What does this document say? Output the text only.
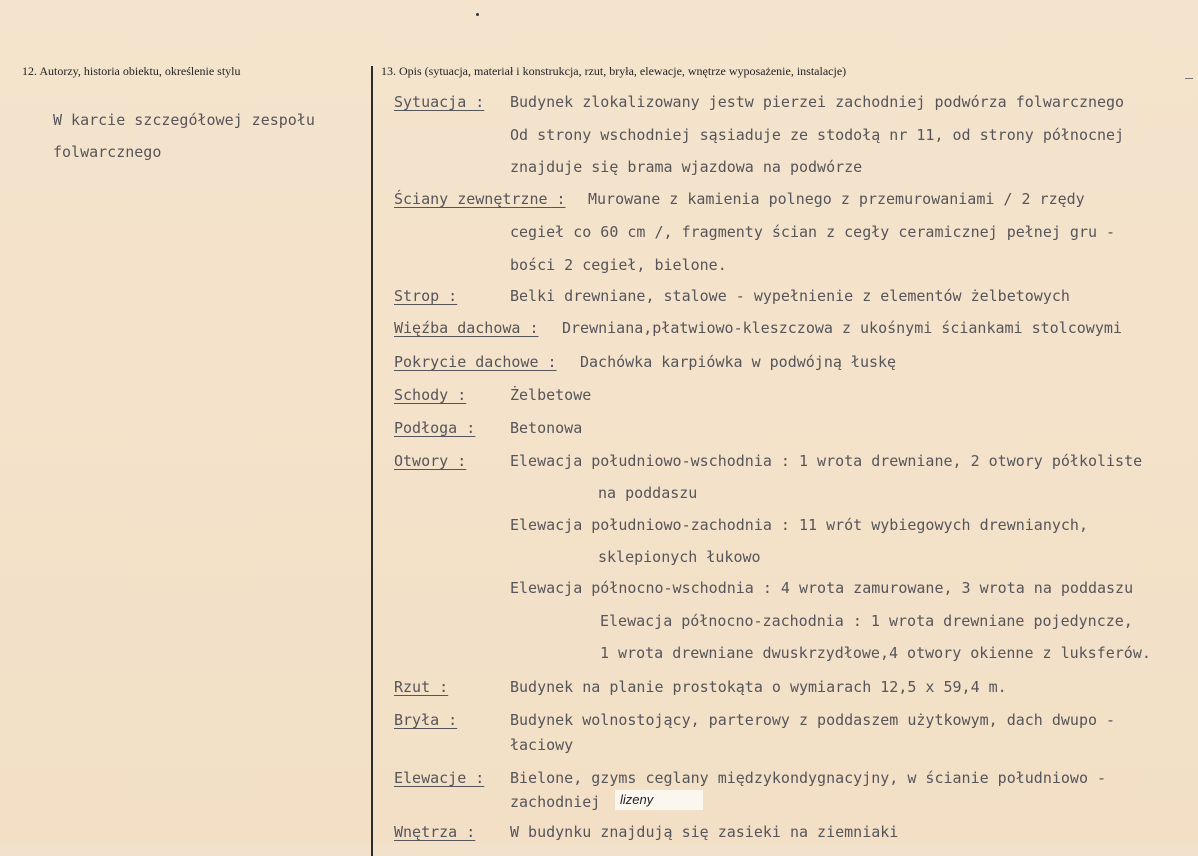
12. Autorzy, historia obiektu, określenie stylu	13. Opis (sytuacja, materiał i konstrukcja, rzut, bryła, elewacje, wnętrze wyposażenie, instalacje)
W karcie szczegółowej zespołu
folwarcznego
Sytuacja : Budynek zlokalizowany jestw pierzei zachodniej podwórza folwarcznego
Od strony wschodniej sąsiaduje ze stodołą nr 11, od strony północnej
znajduje się brama wjazdowa na podwórze
Ściany zewnętrzne : Murowane z kamienia polnego z przemurowaniami / 2 rzędy
cegieł co 60 cm /, fragmenty ścian z cegły ceramicznej pełnej gru -
bości 2 cegieł, bielone.
Strop :	Belki drewniane, stalowe - wypełnienie z elementów żelbetowych
Więźba dachowa : Drewniana,płatwiowo-kleszczowa z ukośnymi ściankami stolcowymi
Pokrycie dachowe : Dachówka karpiówka w podwójną łuskę
Schody :	Żelbetowe
Podłoga : Betonowa
Otwory :	Elewacja południowo-wschodnia : 1 wrota drewniane, 2 otwory półkoliste
na poddaszu
Elewacja południowo-zachodnia : 11 wrót wybiegowych drewnianych,
sklepionych łukowo
Elewacja północno-wschodnia : 4 wrota zamurowane, 3 wrota na poddaszu
Elewacja północno-zachodnia : 1 wrota drewniane pojedyncze,
1 wrota drewniane dwuskrzydłowe,4 otwory okienne z luksferów.
Rzut :	Budynek na planie prostokąta o wymiarach 12,5 x 59,4 m.
Bryła :	Budynek wolnostojący, parterowy z poddaszem użytkowym, dach dwupo -
łaciowy
Elewacje : Bielone, gzyms ceglany międzykondygnacyjny, w ścianie południowo -
zachodniej lizeny
Wnętrza : W budynku znajdują się zasieki na ziemniaki
